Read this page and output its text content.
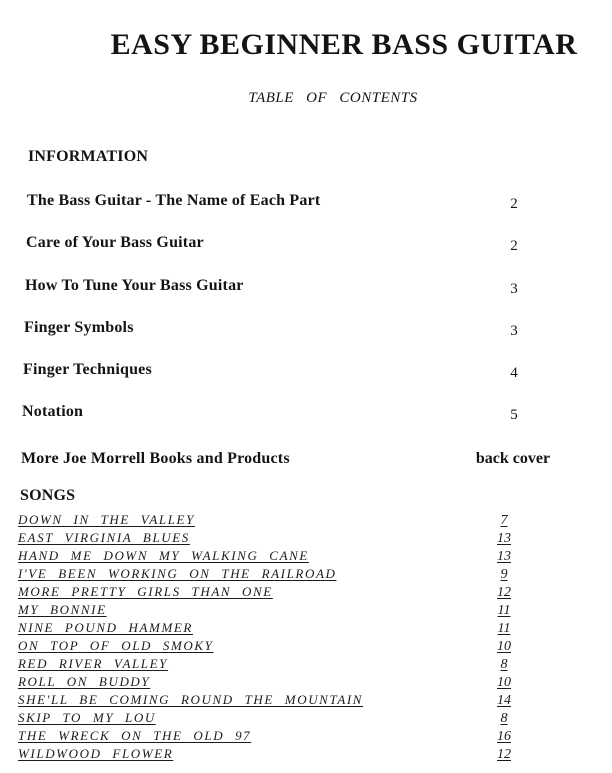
EASY BEGINNER BASS GUITAR
TABLE OF CONTENTS
INFORMATION
The Bass Guitar - The Name of Each Part	2
Care of Your Bass Guitar	2
How To Tune Your Bass Guitar	3
Finger Symbols	3
Finger Techniques	4
Notation	5
More Joe Morrell Books and Products	back cover
SONGS
DOWN IN THE VALLEY	7
EAST VIRGINIA BLUES	13
HAND ME DOWN MY WALKING CANE	13
I'VE BEEN WORKING ON THE RAILROAD	9
MORE PRETTY GIRLS THAN ONE	12
MY BONNIE	11
NINE POUND HAMMER	11
ON TOP OF OLD SMOKY	10
RED RIVER VALLEY	8
ROLL ON BUDDY	10
SHE'LL BE COMING ROUND THE MOUNTAIN	14
SKIP TO MY LOU	8
THE WRECK ON THE OLD 97	16
WILDWOOD FLOWER	12
